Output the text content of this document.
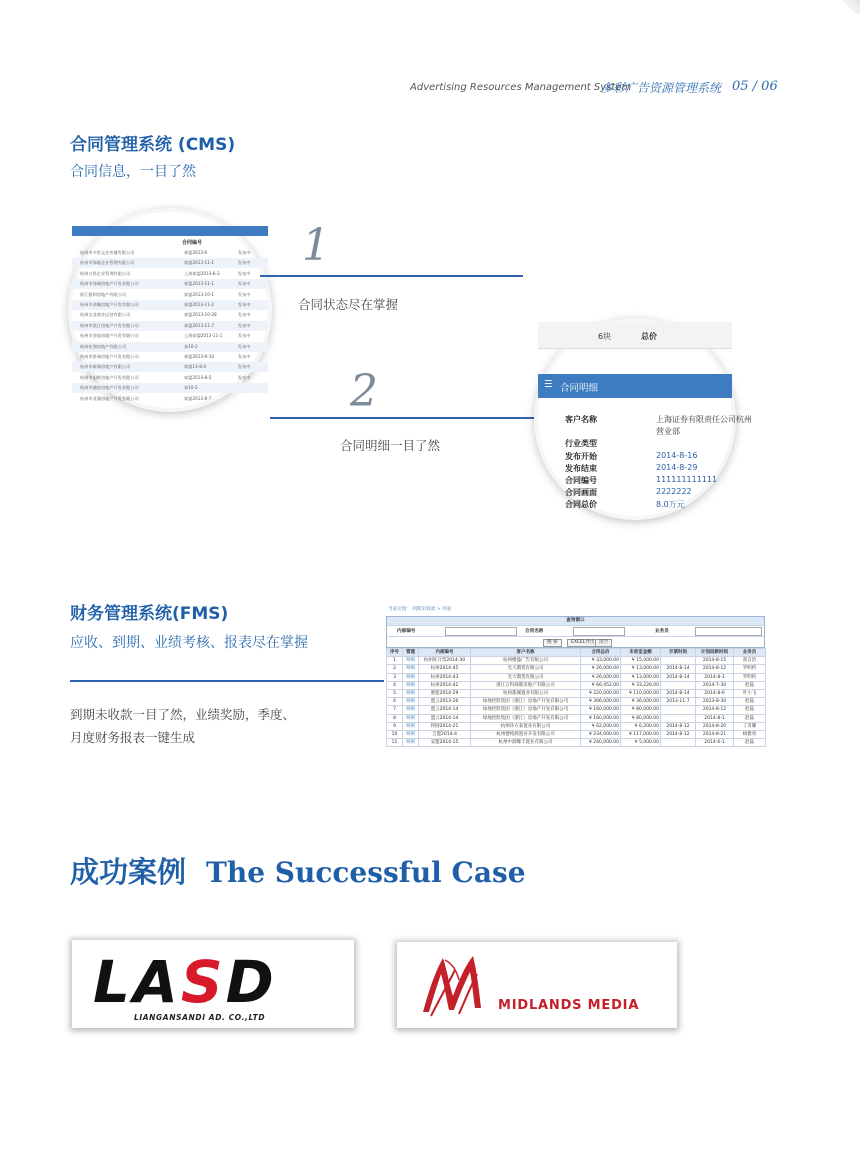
Advertising Resources Management System
多彩广告资源管理系统 05 / 06
合同管理系统 (CMS)
合同信息，一目了然
合同编号
杭州市多彩文化传播有限公司	泰盟2013-6	发布中
杭州市绿地企业管理有限公司	泰盟2013-11-1	发布中
杭州万科企业管理有限公司	上海泰盟2013-8-2	发布中
杭州市绿城房地产开发有限公司	泰盟2013-11-1	发布中
浙江雅和房地产有限公司	泰盟2013-10-1	发布中
杭州市金隅房地产开发有限公司	泰盟2013-11-2	发布中
杭州宝龙商业运营有限公司	泰盟2013-10-28	发布中
杭州市滨江房地产开发有限公司	泰盟2013-11-7	发布中
杭州市金地房地产开发有限公司	上海泰盟2013-11-1	发布中
杭州宏润房地产有限公司	泰10-2	发布中
杭州市景瑞房地产开发有限公司	泰盟2013-9-10	发布中
杭州市新湖房地产有限公司	泰盟13-8-4	发布中
杭州市旭辉房地产开发有限公司	泰盟2013-8-5	发布中
杭州市融创房地产开发有限公司	泰10-2
杭州市龙湖房地产开发有限公司	泰盟2013-8-7
1
合同状态尽在掌握
2
合同明细一目了然
6块	总价
☰ 合同明细
客户名称	上海证券有限责任公司杭州
营业部
行业类型
发布开始	2014-8-16
发布结束	2014-8-29
合同编号	111111111111
合同画面	2222222
合同总价	8.0万元
财务管理系统(FMS)
应收、到期、业绩考核、报表尽在掌握
到期未收款一目了然，业绩奖励，季度、
月度财务报表一键生成
当前位置： 到期未收款 > 列表
查询窗口
内部编号	合同名称	业务员
搜 索	EXCEL导出 清空
序号	管理	内部编号	客户名称	合同总价	未收室金额	开票时间	计划回款时间	业务员
1	明细	杭州旺开票2014-30	杭州楼盛广告有限公司	¥ 33,000.00	¥ 15,000.00		2014-8-15	郑自治
2	明细	杭州2014-45	光大期货有限公司	¥ 26,000.00	¥ 13,000.00	2014-8-14	2014-8-12	罗明约
3	明细	杭州2014-43	光大期货有限公司	¥ 26,000.00	¥ 13,000.00	2014-8-14	2014-8-1	罗明约
4	明细	杭州2014-42	浙江万科商都房地产有限公司	¥ 66,452.00	¥ 33,226.00		2014-7-30	赵磊
5	明细	港盟2014-29	杭州都城置业有限公司	¥ 220,000.00	¥ 110,000.00	2014-8-14	2014-8-6	叶小飞
6	明细	盟云2013-26	绿地控股集团（浙江）房地产开发有限公司	¥ 306,000.00	¥ 36,000.00	2013-11-7	2013-8-30	赵磊
7	明细	盟云2014-14	绿地控股集团（浙江）房地产开发有限公司	¥ 160,000.00	¥ 80,000.00		2014-8-12	赵磊
8	明细	盟云2014-14	绿地控股集团（浙江）房地产开发有限公司	¥ 160,000.00	¥ 80,000.00		2014-8-1	赵磊
9	明细	得圆2014-21	杭州环方泰置业有限公司	¥ 62,000.00	¥ 6,200.00	2014-8-12	2014-8-20	丁奇耀
10	明细	吉盟2014-4	杭州德纯源置业开发有限公司	¥ 234,000.00	¥ 117,000.00	2014-8-12	2014-8-21	杨雅勇
11	明细	安盟2014-15	杭州中润臻丰置业有限公司	¥ 240,000.00	¥ 5,000.00		2014-6-1	赵磊
成功案例 The Successful Case
LASD
LIANGANSANDI AD. CO.,LTD
MIDLANDS MEDIA
